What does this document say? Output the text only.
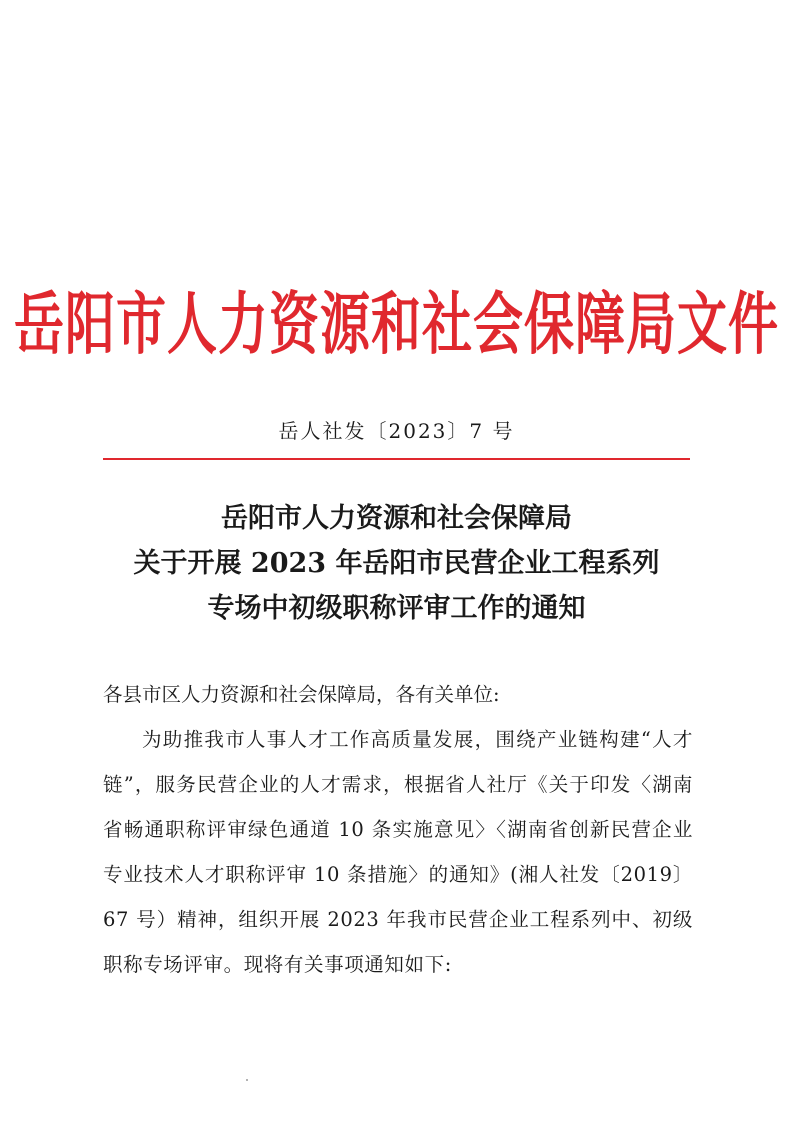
岳阳市人力资源和社会保障局文件
岳人社发〔2023〕7 号
岳阳市人力资源和社会保障局
关于开展 2023 年岳阳市民营企业工程系列
专场中初级职称评审工作的通知
各县市区人力资源和社会保障局，各有关单位:
为助推我市人事人才工作高质量发展，围绕产业链构建“人才链”，服务民营企业的人才需求，根据省人社厅《关于印发〈湖南省畅通职称评审绿色通道 10 条实施意见〉〈湖南省创新民营企业专业技术人才职称评审 10 条措施〉的通知》(湘人社发〔2019〕67 号）精神，组织开展 2023 年我市民营企业工程系列中、初级职称专场评审。现将有关事项通知如下:
